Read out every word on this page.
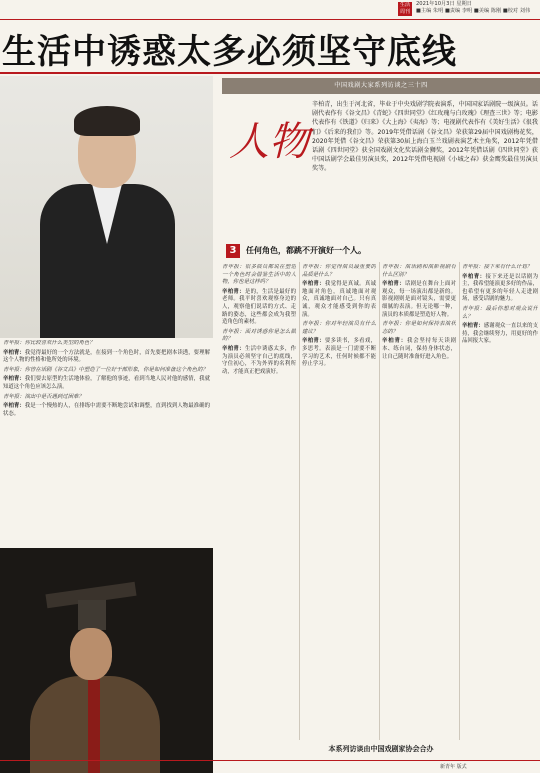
生活周刊
2021年10月3日 星期日
■主编 朱明 ■责编 李明 ■美编 陈刚 ■校对 刘伟
生活中诱惑太多必须坚守底线

青年报：你比较喜欢什么类型的角色？

辛柏青：我觉得最好的一个方法就是，在接到一个角色时，首先要把剧本读透，要理解这个人物的性格和他所处的环境。

青年报：你曾在话剧《谷文昌》中塑造了一位好干部形象，你是如何准备这个角色的？

辛柏青：我们要去原型的生活地体验，了解他的事迹，看到当地人民对他的感情，我就知道这个角色应该怎么演。

青年报：演出中是否遇到过困难？

辛柏青：我是一个慢热的人，在排练中需要不断地尝试和调整，直到找到人物最准确的状态。

中国戏剧大家系列访谈之三十四
人物

辛柏青，出生于河北省，毕业于中央戏剧学院表演系，中国国家话剧院一级演员。话剧代表作有《谷文昌》《青蛇》《四世同堂》《红玫瑰与白玫瑰》《理查三世》等；电影代表作有《铁道》《归来》《大上海》《夷海》等；电视剧代表作有《美好生活》《很我们》《后来的我们》等。2019年凭借话剧《谷文昌》荣获第29届中国戏剧梅花奖，2020年凭借《谷文昌》荣获第30届上海白玉兰戏剧表演艺术主角奖，2012年凭借话剧《四世同堂》获全国戏剧文化奖话剧金狮奖，2012年凭借话剧《四世同堂》获中国话剧学会最佳男演员奖，2012年凭借电视剧《小城之春》获金鹰奖最佳男演员奖等。

3	任何角色，都跳不开演好一个人。

青年报：很多演员都说在塑造一个角色时会借鉴生活中的人物，你也是这样吗？

辛柏青：是的，生活是最好的老师。我平时喜欢观察身边的人，观察他们说话的方式、走路的姿态，这些都会成为我塑造角色的素材。

青年报：面对诱惑你是怎么做的？

辛柏青：生活中诱惑太多，作为演员必须坚守自己的底线，守住初心，不为外界的名利所动，才能真正把戏演好。

青年报：你觉得演员最重要的品质是什么？

辛柏青：我觉得是真诚。真诚地面对角色，真诚地面对观众，真诚地面对自己。只有真诚，观众才能感受到你的表演。

青年报：你对年轻演员有什么建议？

辛柏青：要多读书，多看戏，多思考。表演是一门需要不断学习的艺术，任何时候都不能停止学习。

青年报：演话剧和演影视剧有什么区别？

辛柏青：话剧是在舞台上面对观众，每一场演出都是新的。影视剧则是面对镜头，需要更细腻的表演。但无论哪一种，演员的本质都是塑造好人物。

青年报：你是如何保持表演状态的？

辛柏青：我会坚持每天读剧本、练台词，保持身体状态，让自己随时准备好进入角色。

青年报：接下来有什么计划？

辛柏青：接下来还是以话剧为主，我希望能演更多好的作品，也希望有更多的年轻人走进剧场，感受话剧的魅力。

青年报：最后你想对观众说什么？

辛柏青：感谢观众一直以来的支持，我会继续努力，用更好的作品回报大家。

本系列访谈由中国戏剧家协会合办
新青年 版式
